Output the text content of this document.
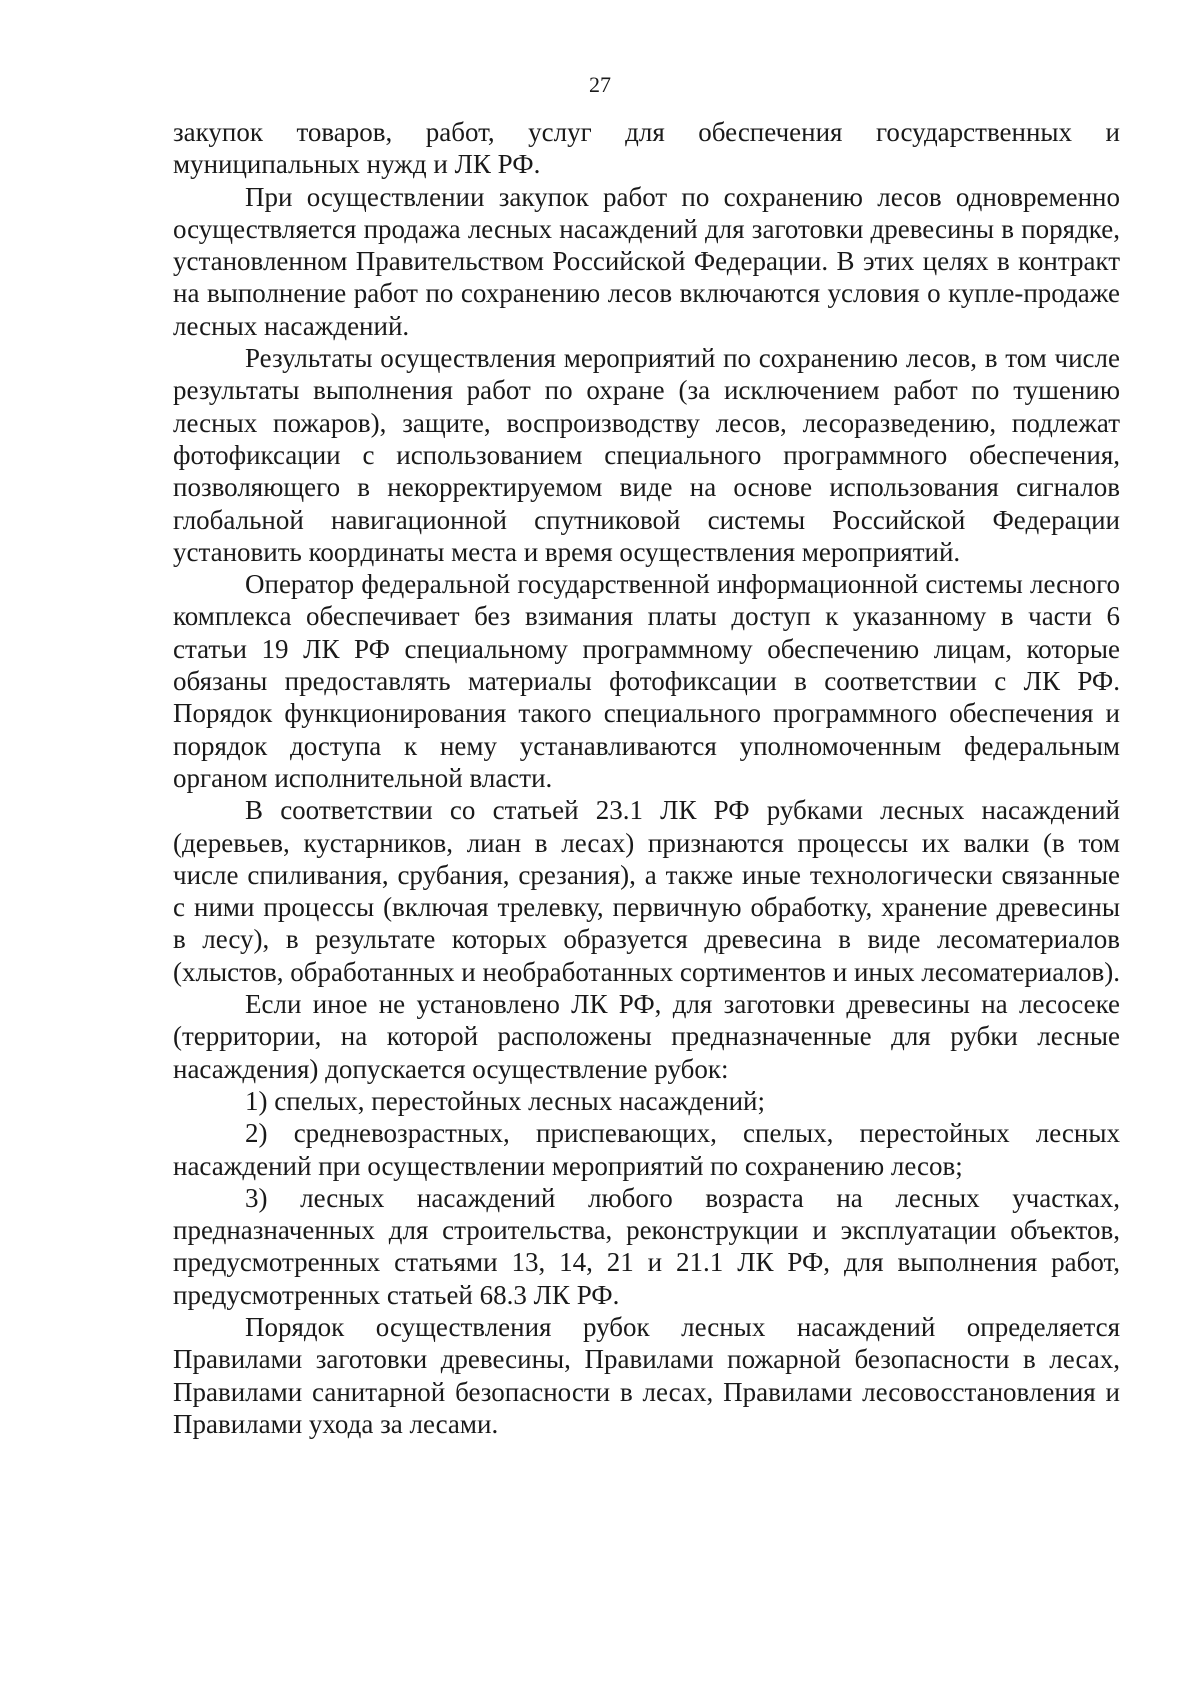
27

закупок товаров, работ, услуг для обеспечения государственных и муниципальных нужд и ЛК РФ.

При осуществлении закупок работ по сохранению лесов одновременно осуществляется продажа лесных насаждений для заготовки древесины в порядке, установленном Правительством Российской Федерации. В этих целях в контракт на выполнение работ по сохранению лесов включаются условия о купле-продаже лесных насаждений.

Результаты осуществления мероприятий по сохранению лесов, в том числе результаты выполнения работ по охране (за исключением работ по тушению лесных пожаров), защите, воспроизводству лесов, лесоразведению, подлежат фотофиксации с использованием специального программного обеспечения, позволяющего в некорректируемом виде на основе использования сигналов глобальной навигационной спутниковой системы Российской Федерации установить координаты места и время осуществления мероприятий.

Оператор федеральной государственной информационной системы лесного комплекса обеспечивает без взимания платы доступ к указанному в части 6 статьи 19 ЛК РФ специальному программному обеспечению лицам, которые обязаны предоставлять материалы фотофиксации в соответствии с ЛК РФ. Порядок функционирования такого специального программного обеспечения и порядок доступа к нему устанавливаются уполномоченным федеральным органом исполнительной власти.

В соответствии со статьей 23.1 ЛК РФ рубками лесных насаждений (деревьев, кустарников, лиан в лесах) признаются процессы их валки (в том числе спиливания, срубания, срезания), а также иные технологически связанные с ними процессы (включая трелевку, первичную обработку, хранение древесины в лесу), в результате которых образуется древесина в виде лесоматериалов (хлыстов, обработанных и необработанных сортиментов и иных лесоматериалов).

Если иное не установлено ЛК РФ, для заготовки древесины на лесосеке (территории, на которой расположены предназначенные для рубки лесные насаждения) допускается осуществление рубок:

1) спелых, перестойных лесных насаждений;

2) средневозрастных, приспевающих, спелых, перестойных лесных насаждений при осуществлении мероприятий по сохранению лесов;

3) лесных насаждений любого возраста на лесных участках, предназначенных для строительства, реконструкции и эксплуатации объектов, предусмотренных статьями 13, 14, 21 и 21.1 ЛК РФ, для выполнения работ, предусмотренных статьей 68.3 ЛК РФ.

Порядок осуществления рубок лесных насаждений определяется Правилами заготовки древесины, Правилами пожарной безопасности в лесах, Правилами санитарной безопасности в лесах, Правилами лесовосстановления и Правилами ухода за лесами.
